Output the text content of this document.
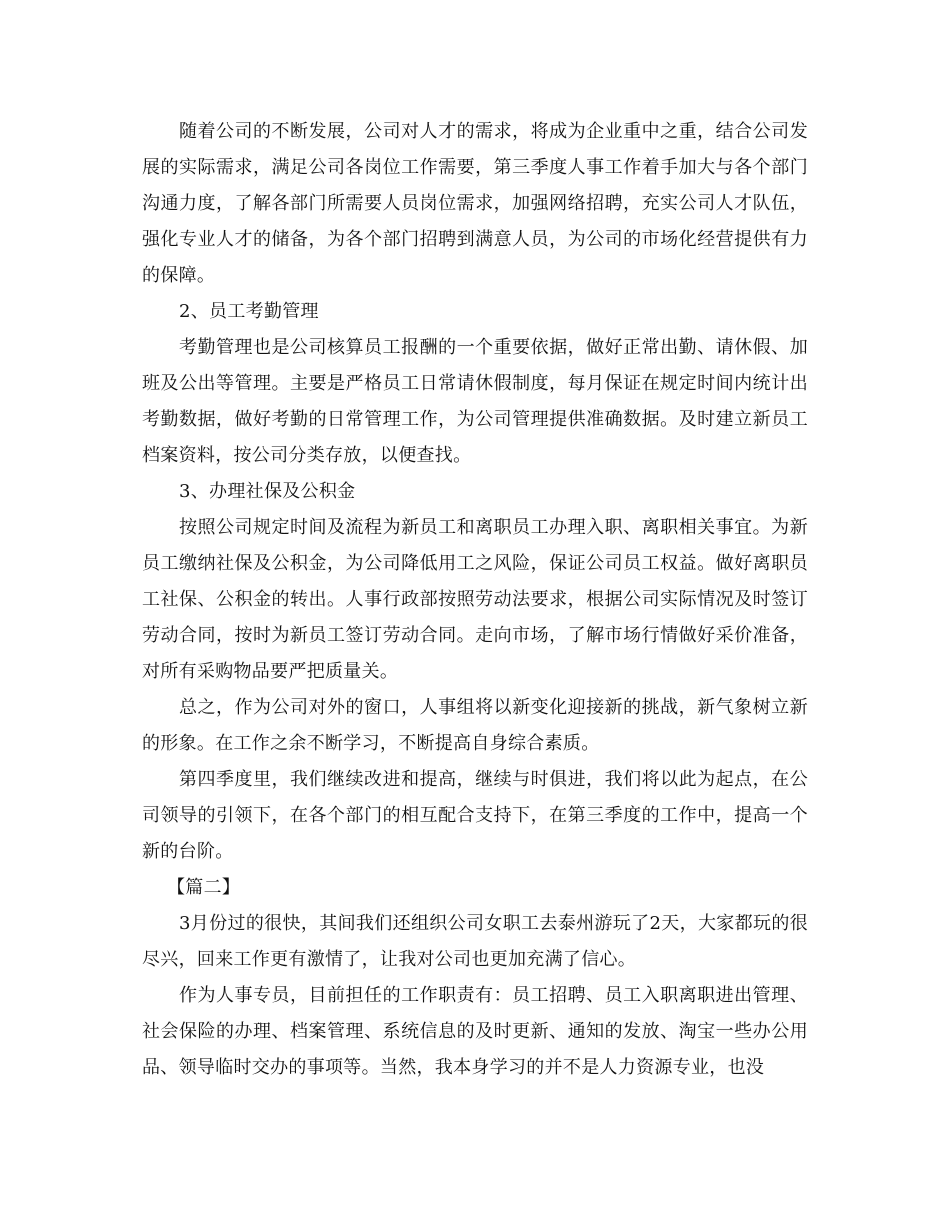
随着公司的不断发展，公司对人才的需求，将成为企业重中之重，结合公司发展的实际需求，满足公司各岗位工作需要，第三季度人事工作着手加大与各个部门沟通力度，了解各部门所需要人员岗位需求，加强网络招聘，充实公司人才队伍，强化专业人才的储备，为各个部门招聘到满意人员，为公司的市场化经营提供有力的保障。

2、员工考勤管理

考勤管理也是公司核算员工报酬的一个重要依据，做好正常出勤、请休假、加班及公出等管理。主要是严格员工日常请休假制度，每月保证在规定时间内统计出考勤数据，做好考勤的日常管理工作，为公司管理提供准确数据。及时建立新员工档案资料，按公司分类存放，以便查找。

3、办理社保及公积金

按照公司规定时间及流程为新员工和离职员工办理入职、离职相关事宜。为新员工缴纳社保及公积金，为公司降低用工之风险，保证公司员工权益。做好离职员工社保、公积金的转出。人事行政部按照劳动法要求，根据公司实际情况及时签订劳动合同，按时为新员工签订劳动合同。走向市场，了解市场行情做好采价准备，对所有采购物品要严把质量关。

总之，作为公司对外的窗口，人事组将以新变化迎接新的挑战，新气象树立新的形象。在工作之余不断学习，不断提高自身综合素质。

第四季度里，我们继续改进和提高，继续与时俱进，我们将以此为起点，在公司领导的引领下，在各个部门的相互配合支持下，在第三季度的工作中，提高一个新的台阶。

【篇二】

3月份过的很快，其间我们还组织公司女职工去泰州游玩了2天，大家都玩的很尽兴，回来工作更有激情了，让我对公司也更加充满了信心。

作为人事专员，目前担任的工作职责有：员工招聘、员工入职离职进出管理、社会保险的办理、档案管理、系统信息的及时更新、通知的发放、淘宝一些办公用品、领导临时交办的事项等。当然，我本身学习的并不是人力资源专业，也没
